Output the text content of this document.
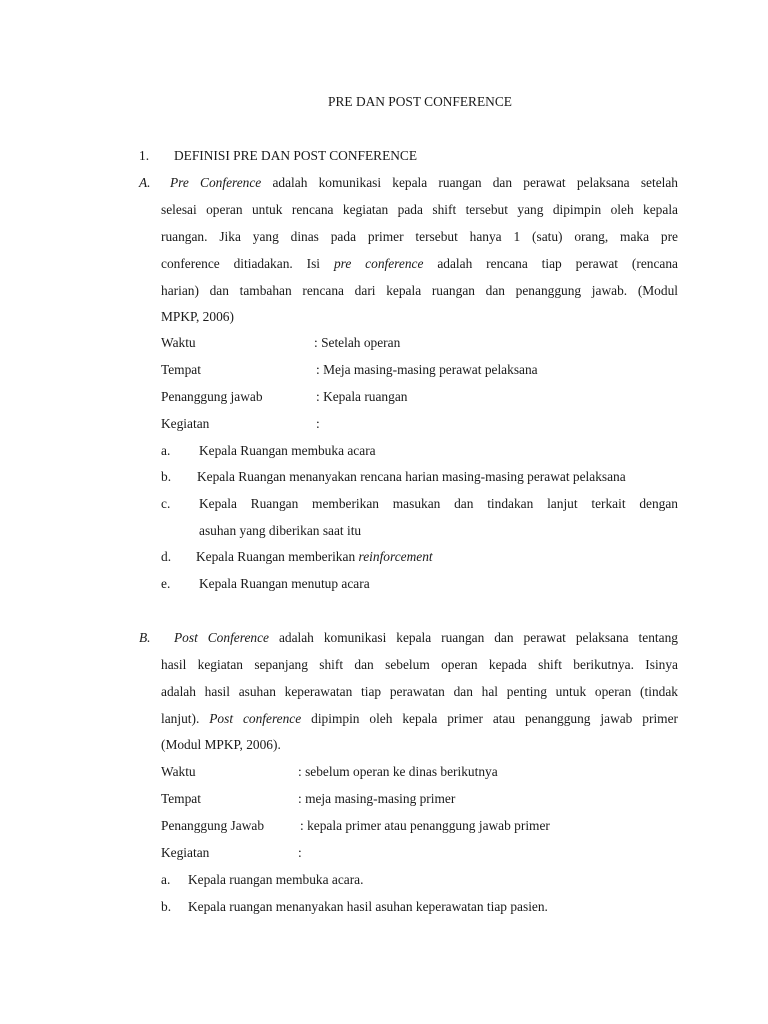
PRE DAN POST CONFERENCE
1. DEFINISI PRE DAN POST CONFERENCE
A. Pre Conference adalah komunikasi kepala ruangan dan perawat pelaksana setelah
selesai operan untuk rencana kegiatan pada shift tersebut yang dipimpin oleh kepala
ruangan. Jika yang dinas pada primer tersebut hanya 1 (satu) orang, maka pre
conference ditiadakan. Isi pre conference adalah rencana tiap perawat (rencana
harian) dan tambahan rencana dari kepala ruangan dan penanggung jawab. (Modul
MPKP, 2006)
Waktu	: Setelah operan
Tempat	: Meja masing-masing perawat pelaksana
Penanggung jawab	: Kepala ruangan
Kegiatan	:
a. Kepala Ruangan membuka acara
b. Kepala Ruangan menanyakan rencana harian masing-masing perawat pelaksana
c. Kepala Ruangan memberikan masukan dan tindakan lanjut terkait dengan
asuhan yang diberikan saat itu
d. Kepala Ruangan memberikan reinforcement
e. Kepala Ruangan menutup acara
B. Post Conference adalah komunikasi kepala ruangan dan perawat pelaksana tentang
hasil kegiatan sepanjang shift dan sebelum operan kepada shift berikutnya. Isinya
adalah hasil asuhan keperawatan tiap perawatan dan hal penting untuk operan (tindak
lanjut). Post conference dipimpin oleh kepala primer atau penanggung jawab primer
(Modul MPKP, 2006).
Waktu	: sebelum operan ke dinas berikutnya
Tempat	: meja masing-masing primer
Penanggung Jawab	: kepala primer atau penanggung jawab primer
Kegiatan	:
a. Kepala ruangan membuka acara.
b. Kepala ruangan menanyakan hasil asuhan keperawatan tiap pasien.
